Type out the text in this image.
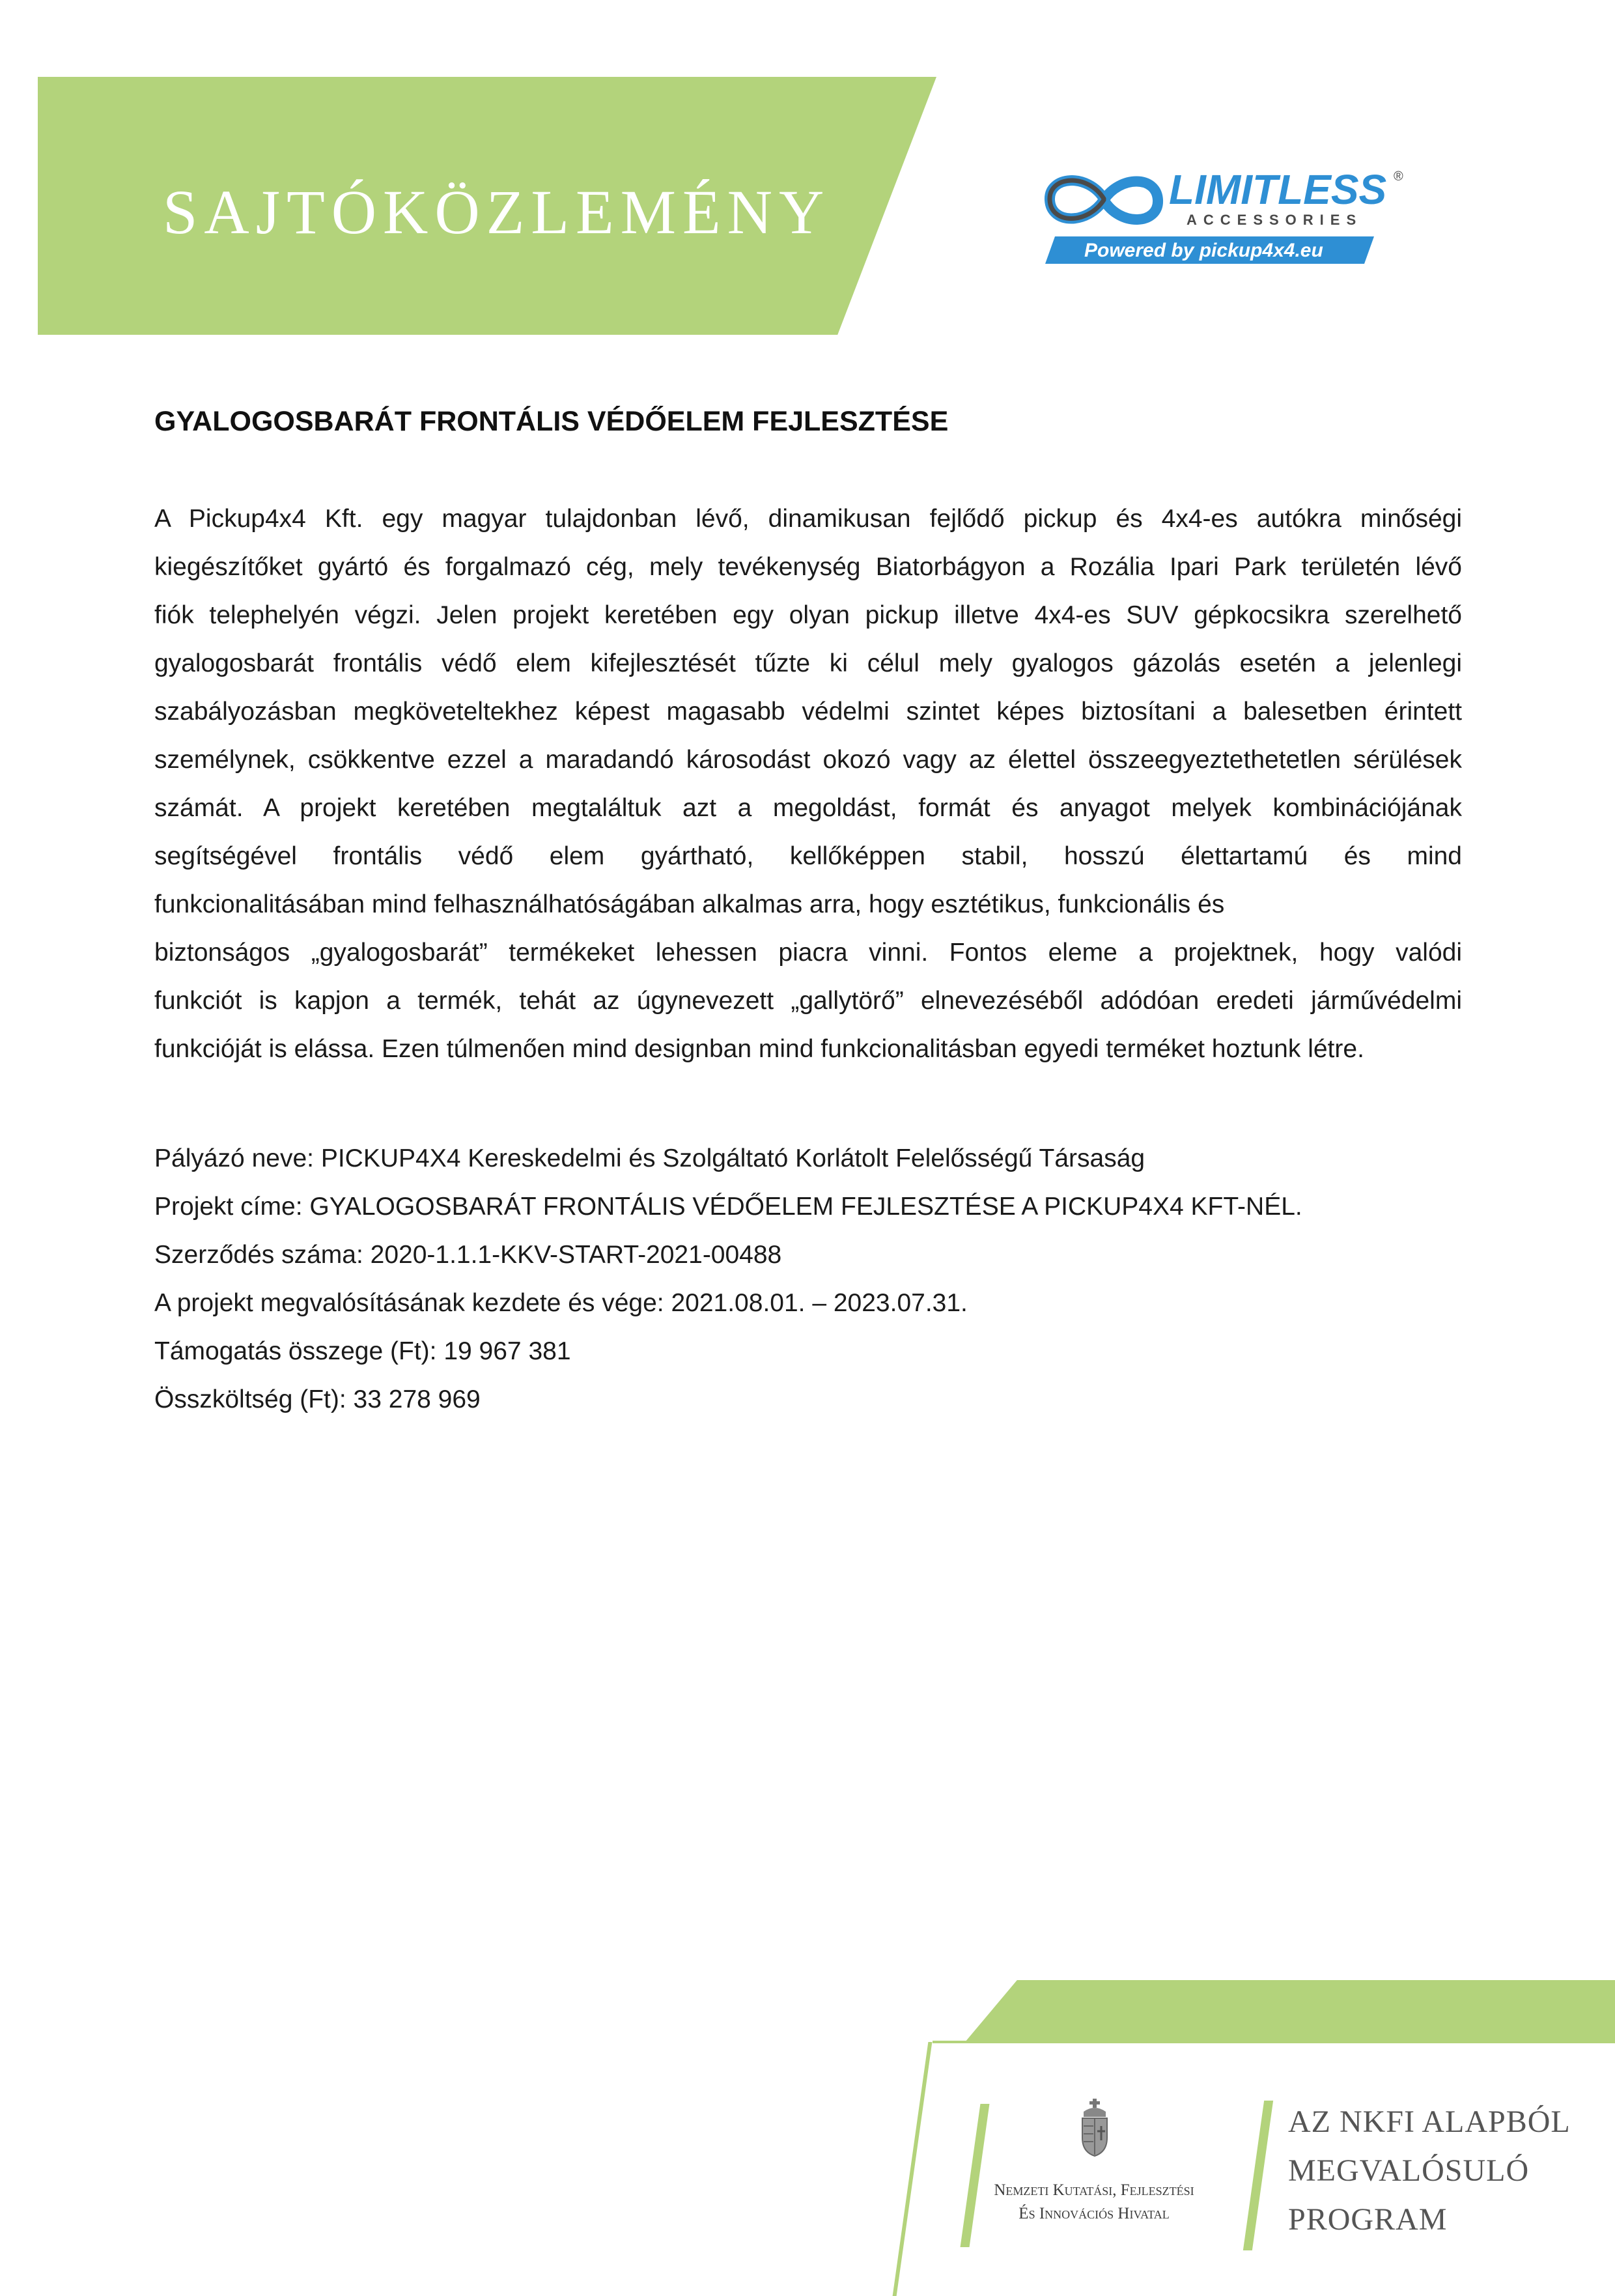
SAJTÓKÖZLEMÉNY	LIMITLESS ®
ACCESSORIES
Powered by pickup4x4.eu
GYALOGOSBARÁT FRONTÁLIS VÉDŐELEM FEJLESZTÉSE
A Pickup4x4 Kft. egy magyar tulajdonban lévő, dinamikusan fejlődő pickup és 4x4-es autókra minőségi
kiegészítőket gyártó és forgalmazó cég, mely tevékenység Biatorbágyon a Rozália Ipari Park területén lévő
fiók telephelyén végzi. Jelen projekt keretében egy olyan pickup illetve 4x4-es SUV gépkocsikra szerelhető
gyalogosbarát frontális védő elem kifejlesztését tűzte ki célul mely gyalogos gázolás esetén a jelenlegi
szabályozásban megköveteltekhez képest magasabb védelmi szintet képes biztosítani a balesetben érintett
személynek, csökkentve ezzel a maradandó károsodást okozó vagy az élettel összeegyeztethetetlen sérülések
számát. A projekt keretében megtaláltuk azt a megoldást, formát és anyagot melyek kombinációjának
segítségével frontális védő elem gyártható, kellőképpen stabil, hosszú élettartamú és mind
funkcionalitásában mind felhasználhatóságában alkalmas arra, hogy esztétikus, funkcionális és
biztonságos „gyalogosbarát” termékeket lehessen piacra vinni. Fontos eleme a projektnek, hogy valódi
funkciót is kapjon a termék, tehát az úgynevezett „gallytörő” elnevezéséből adódóan eredeti járművédelmi
funkcióját is elássa. Ezen túlmenően mind designban mind funkcionalitásban egyedi terméket hoztunk létre.
Pályázó neve: PICKUP4X4 Kereskedelmi és Szolgáltató Korlátolt Felelősségű Társaság
Projekt címe: GYALOGOSBARÁT FRONTÁLIS VÉDŐELEM FEJLESZTÉSE A PICKUP4X4 KFT-NÉL.
Szerződés száma: 2020-1.1.1-KKV-START-2021-00488
A projekt megvalósításának kezdete és vége: 2021.08.01. – 2023.07.31.
Támogatás összege (Ft): 19 967 381
Összköltség (Ft): 33 278 969
Nemzeti Kutatási, Fejlesztési
És Innovációs Hivatal
AZ NKFI ALAPBÓL
MEGVALÓSULÓ
PROGRAM
